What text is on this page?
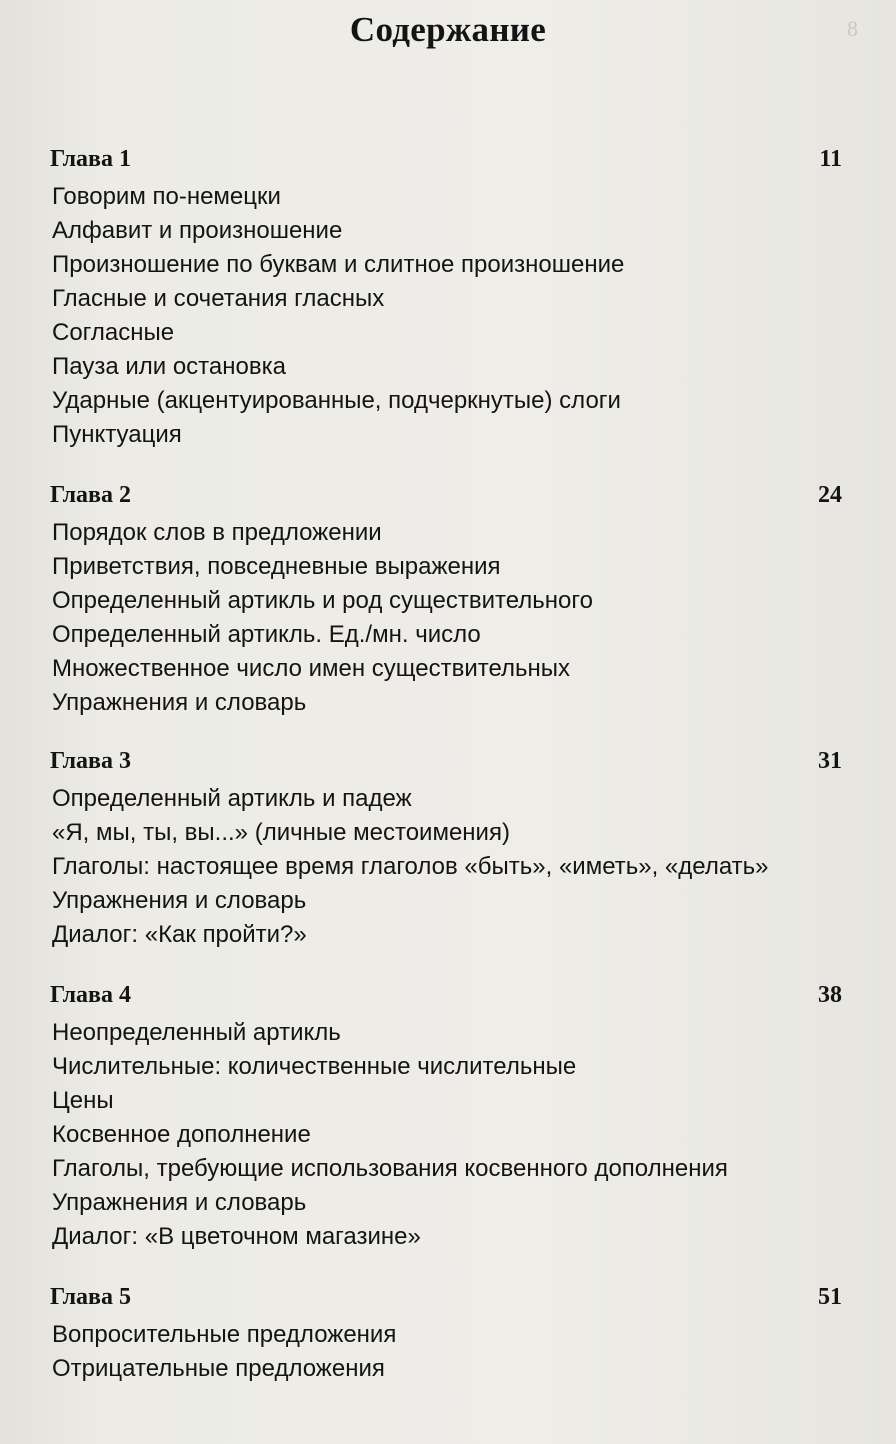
8
Содержание
Глава 1	11
Говорим по-немецки
Алфавит и произношение
Произношение по буквам и слитное произношение
Гласные и сочетания гласных
Согласные
Пауза или остановка
Ударные (акцентуированные, подчеркнутые) слоги
Пунктуация
Глава 2	24
Порядок слов в предложении
Приветствия, повседневные выражения
Определенный артикль и род существительного
Определенный артикль. Ед./мн. число
Множественное число имен существительных
Упражнения и словарь
Глава 3	31
Определенный артикль и падеж
«Я, мы, ты, вы...» (личные местоимения)
Глаголы: настоящее время глаголов «быть», «иметь», «делать»
Упражнения и словарь
Диалог: «Как пройти?»
Глава 4	38
Неопределенный артикль
Числительные: количественные числительные
Цены
Косвенное дополнение
Глаголы, требующие использования косвенного дополнения
Упражнения и словарь
Диалог: «В цветочном магазине»
Глава 5	51
Вопросительные предложения
Отрицательные предложения
